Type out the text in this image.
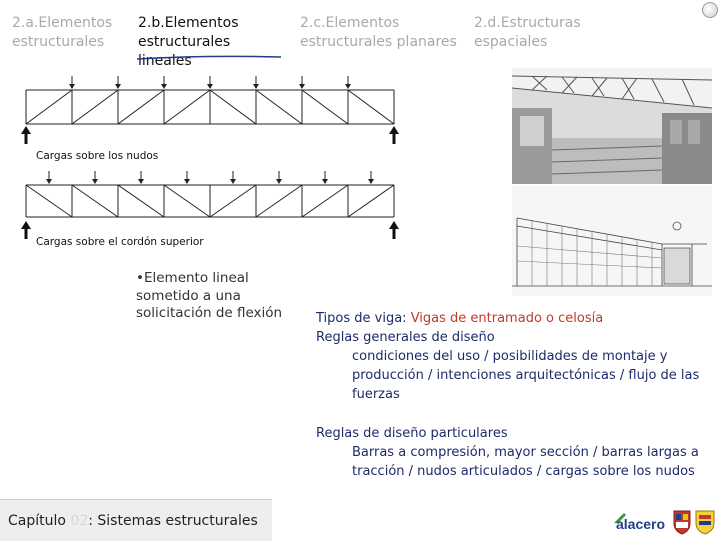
2.a.Elementos estructurales
2.b.Elementos estructurales lineales
2.c.Elementos estructurales planares
2.d.Estructuras espaciales
Cargas sobre los nudos
Cargas sobre el cordón superior
•Elemento lineal sometido a una solicitación de flexión	Tipos de viga: Vigas de entramado o celosía
Reglas generales de diseño
condiciones del uso / posibilidades de montaje y
producción / intenciones arquitectónicas / flujo de las
fuerzas
Reglas de diseño particulares
Barras a compresión, mayor sección / barras largas a
tracción / nudos articulados / cargas sobre los nudos
Capítulo 02: Sistemas estructurales	alacero
